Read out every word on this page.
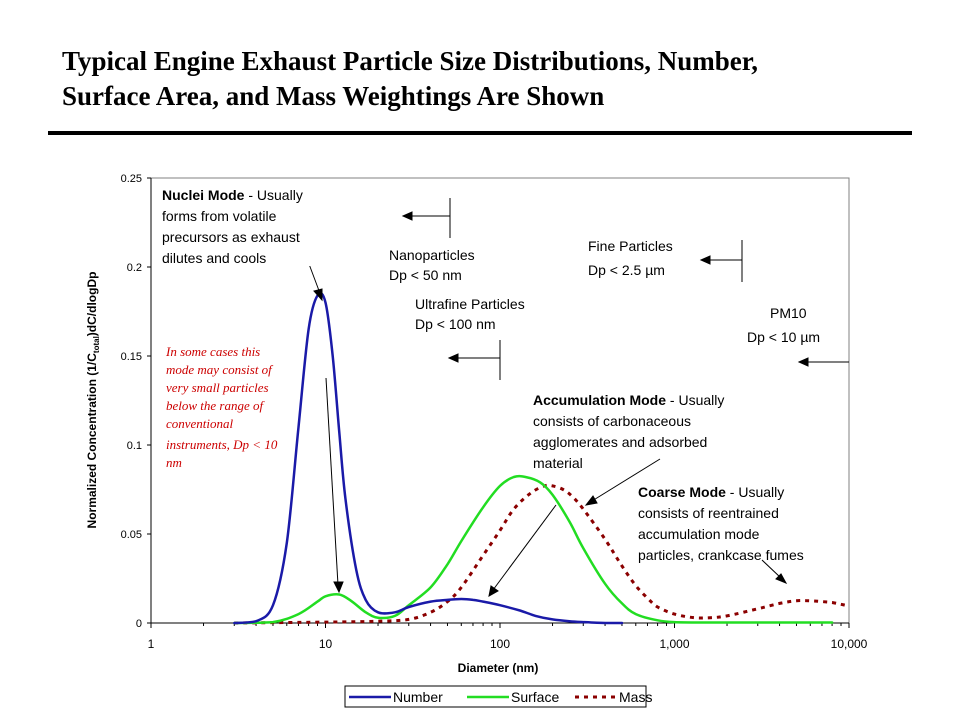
Typical Engine Exhaust Particle Size Distributions, Number,
Surface Area, and Mass Weightings Are Shown
0
0.05
0.1
0.15
0.2
0.25
1	10	100	1,000	10,000
Normalized Concentration $(1/C_{total})dC$/dlogDp
Diameter (nm)
Nuclei Mode - Usually
forms from volatile
precursors as exhaust
dilutes and cools
In some cases this
mode may consist of
very small particles
below the range of
conventional
instruments, Dp < 10
nm
Nanoparticles
Dp < 50 nm
Ultrafine Particles
Dp < 100 nm
Fine Particles
Dp < 2.5 µm
PM10
Dp < 10 µm
Accumulation Mode - Usually
consists of carbonaceous
agglomerates and adsorbed
material
Coarse Mode - Usually
consists of reentrained
accumulation mode
particles, crankcase fumes
Number	Surface	Mass
